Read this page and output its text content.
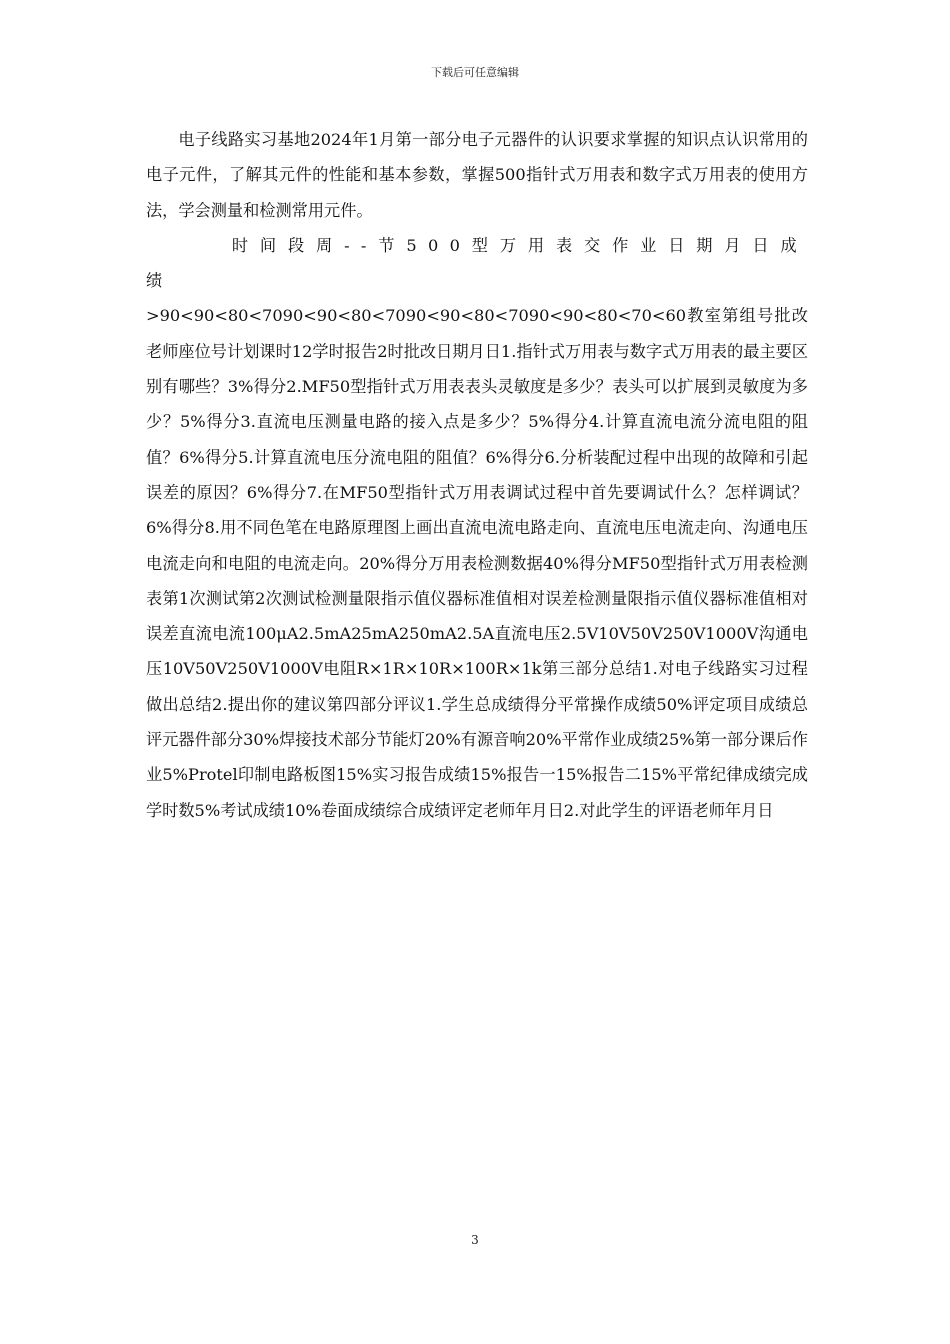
下载后可任意编辑

电子线路实习基地2024年1月第一部分电子元器件的认识要求掌握的知识点认识常用的电子元件，了解其元件的性能和基本参数，掌握500指针式万用表和数字式万用表的使用方法，学会测量和检测常用元件。

时间段周--节500型万用表交作业日期月日成绩

>90<90<80<7090<90<80<7090<90<80<7090<90<80<70<60教室第组号批改老师座位号计划课时12学时报告2时批改日期月日1.指针式万用表与数字式万用表的最主要区别有哪些？3%得分2.MF50型指针式万用表表头灵敏度是多少？表头可以扩展到灵敏度为多少？5%得分3.直流电压测量电路的接入点是多少？5%得分4.计算直流电流分流电阻的阻值？6%得分5.计算直流电压分流电阻的阻值？6%得分6.分析装配过程中出现的故障和引起误差的原因？6%得分7.在MF50型指针式万用表调试过程中首先要调试什么？怎样调试？6%得分8.用不同色笔在电路原理图上画出直流电流电路走向、直流电压电流走向、沟通电压电流走向和电阻的电流走向。20%得分万用表检测数据40%得分MF50型指针式万用表检测表第1次测试第2次测试检测量限指示值仪器标准值相对误差检测量限指示值仪器标准值相对误差直流电流100μA2.5mA25mA250mA2.5A直流电压2.5V10V50V250V1000V沟通电压10V50V250V1000V电阻R×1R×10R×100R×1k第三部分总结1.对电子线路实习过程做出总结2.提出你的建议第四部分评议1.学生总成绩得分平常操作成绩50%评定项目成绩总评元器件部分30%焊接技术部分节能灯20%有源音响20%平常作业成绩25%第一部分课后作业5%Protel印制电路板图15%实习报告成绩15%报告一15%报告二15%平常纪律成绩完成学时数5%考试成绩10%卷面成绩综合成绩评定老师年月日2.对此学生的评语老师年月日

3
